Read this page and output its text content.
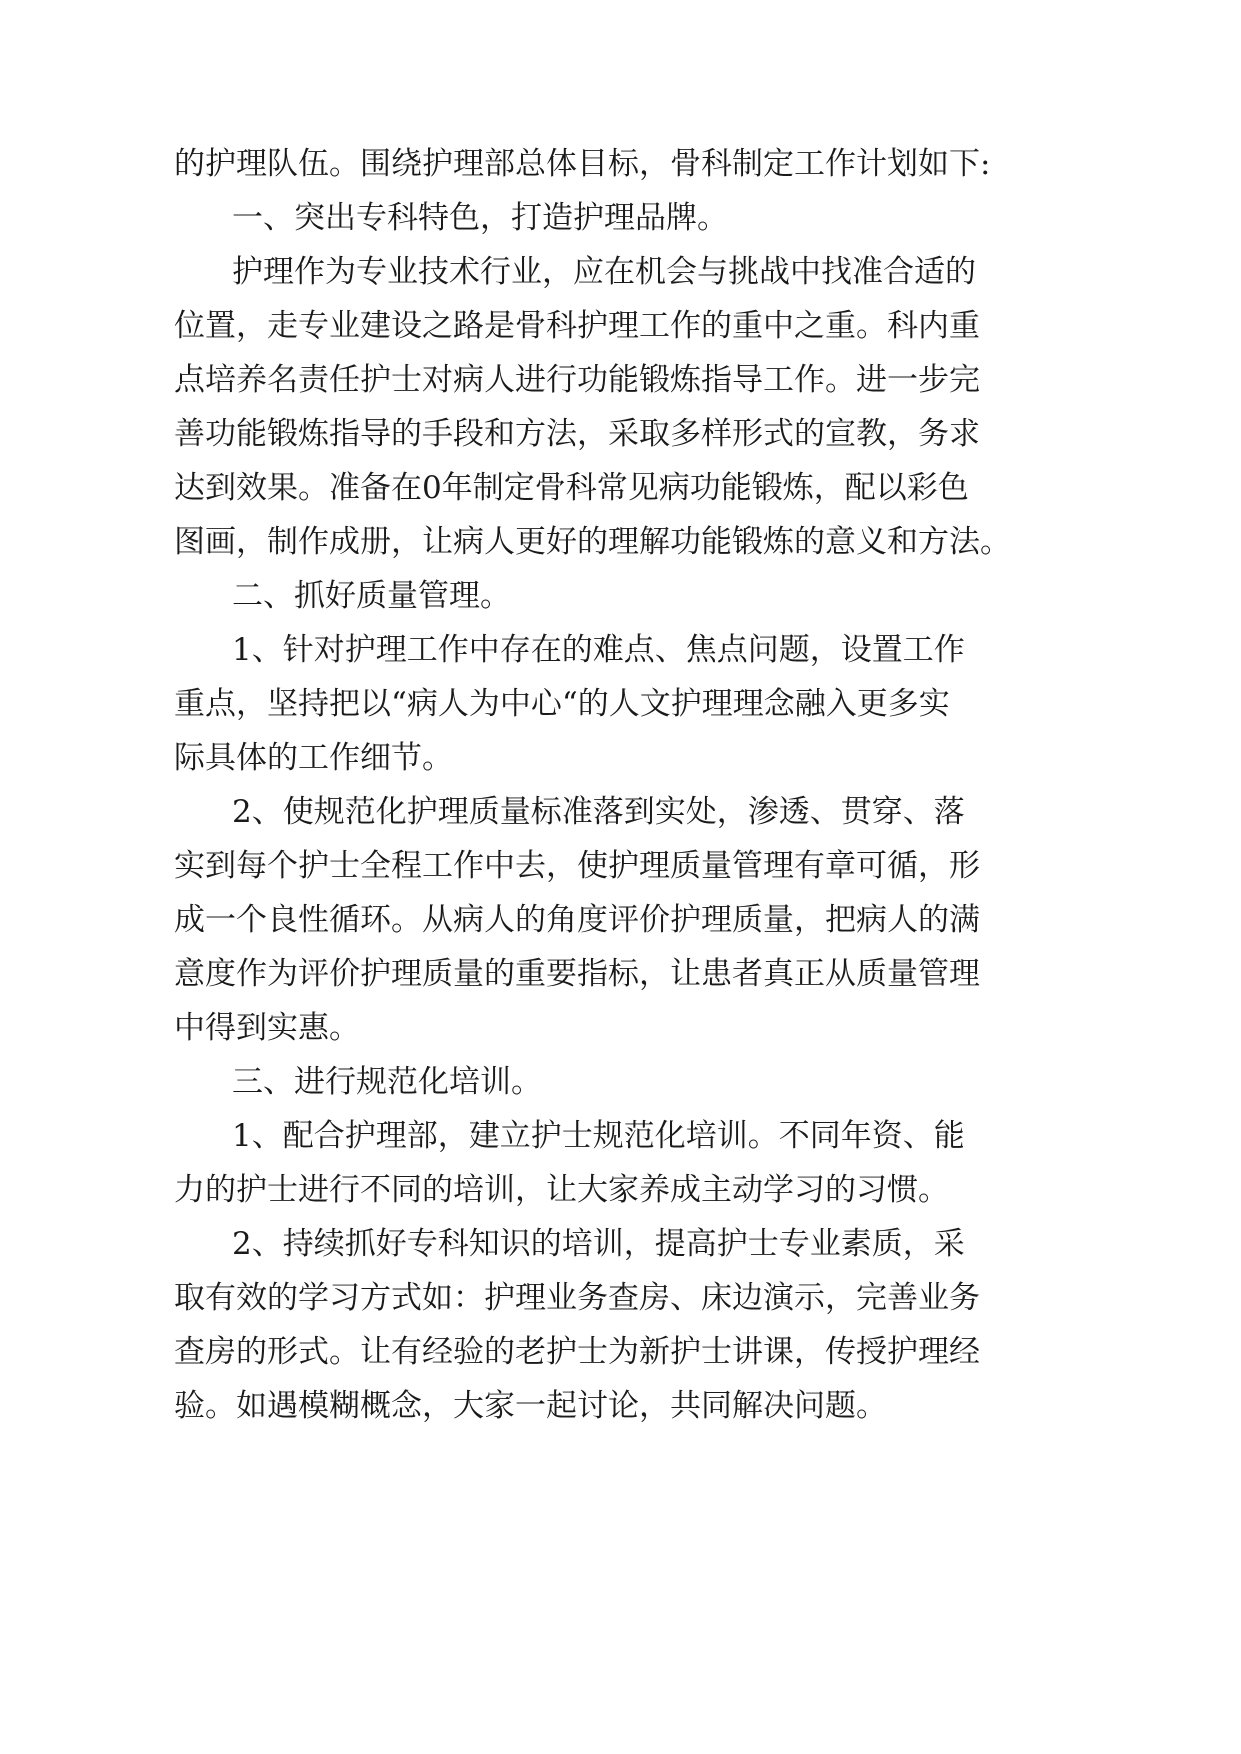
的护理队伍。围绕护理部总体目标，骨科制定工作计划如下:

一、突出专科特色，打造护理品牌。

护理作为专业技术行业，应在机会与挑战中找准合适的

位置，走专业建设之路是骨科护理工作的重中之重。科内重

点培养名责任护士对病人进行功能锻炼指导工作。进一步完

善功能锻炼指导的手段和方法，采取多样形式的宣教，务求

达到效果。准备在0年制定骨科常见病功能锻炼，配以彩色

图画，制作成册，让病人更好的理解功能锻炼的意义和方法。

二、抓好质量管理。

1、针对护理工作中存在的难点、焦点问题，设置工作

重点，坚持把以“病人为中心“的人文护理理念融入更多实

际具体的工作细节。

2、使规范化护理质量标准落到实处，渗透、贯穿、落

实到每个护士全程工作中去，使护理质量管理有章可循，形

成一个良性循环。从病人的角度评价护理质量，把病人的满

意度作为评价护理质量的重要指标，让患者真正从质量管理

中得到实惠。

三、进行规范化培训。

1、配合护理部，建立护士规范化培训。不同年资、能

力的护士进行不同的培训，让大家养成主动学习的习惯。

2、持续抓好专科知识的培训，提高护士专业素质，采

取有效的学习方式如：护理业务查房、床边演示，完善业务

查房的形式。让有经验的老护士为新护士讲课，传授护理经

验。如遇模糊概念，大家一起讨论，共同解决问题。
